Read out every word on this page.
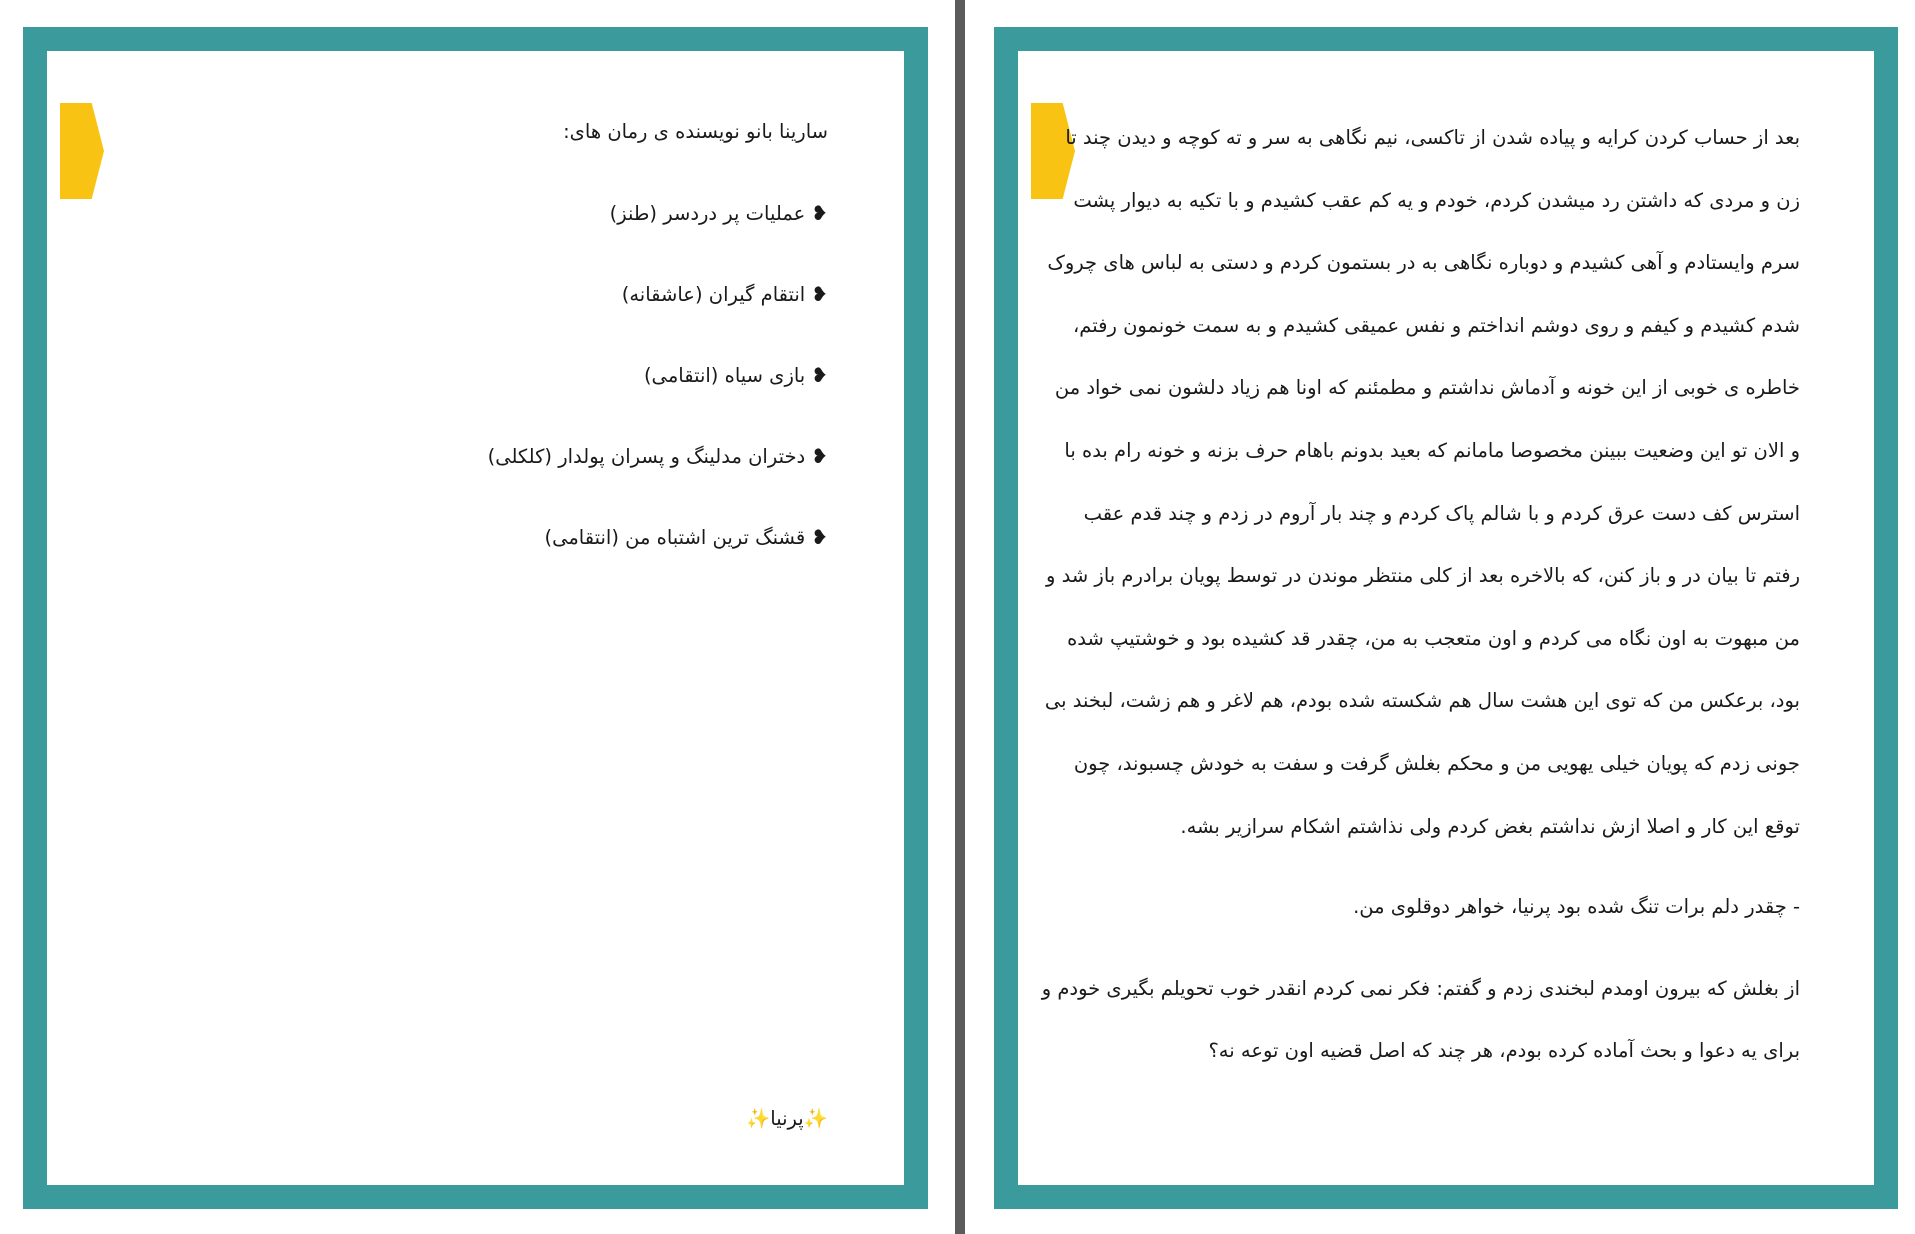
سارینا بانو نویسنده ی رمان های:
❥عملیات پر دردسر (طنز)
❥انتقام گیران (عاشقانه)
❥بازی سیاه (انتقامی)
❥دختران مدلینگ و پسران پولدار (کلکلی)
❥قشنگ ترین اشتباه من (انتقامی)
✨پرنیا✨

بعد از حساب کردن کرایه و پیاده شدن از تاکسی، نیم نگاهی به سر و ته کوچه و دیدن چند تا زن و مردی که داشتن رد میشدن کردم، خودم و یه کم عقب کشیدم و با تکیه به دیوار پشت سرم وایستادم و آهی کشیدم و دوباره نگاهی به در بستمون کردم و دستی به لباس های چروک شدم کشیدم و کیفم و روی دوشم انداختم و نفس عمیقی کشیدم و به سمت خونمون رفتم، خاطره ی خوبی از این خونه و آدماش نداشتم و مطمئنم که اونا هم زیاد دلشون نمی خواد من و الان تو این وضعیت ببینن مخصوصا مامانم که بعید بدونم باهام حرف بزنه و خونه رام بده با استرس کف دست عرق کردم و با شالم پاک کردم و چند بار آروم در زدم و چند قدم عقب رفتم تا بیان در و باز کنن، که بالاخره بعد از کلی منتظر موندن در توسط پویان برادرم باز شد و من مبهوت به اون نگاه می کردم و اون متعجب به من، چقدر قد کشیده بود و خوشتیپ شده بود، برعکس من که توی این هشت سال هم شکسته شده بودم، هم لاغر و هم زشت، لبخند بی جونی زدم که پویان خیلی یهویی من و محکم بغلش گرفت و سفت به خودش چسبوند، چون توقع این کار و اصلا ازش نداشتم بغض کردم ولی نذاشتم اشکام سرازیر بشه.

- چقدر دلم برات تنگ شده بود پرنیا، خواهر دوقلوی من.

از بغلش که بیرون اومدم لبخندی زدم و گفتم: فکر نمی کردم انقدر خوب تحویلم بگیری خودم و برای یه دعوا و بحث آماده کرده بودم، هر چند که اصل قضیه اون توعه نه؟
